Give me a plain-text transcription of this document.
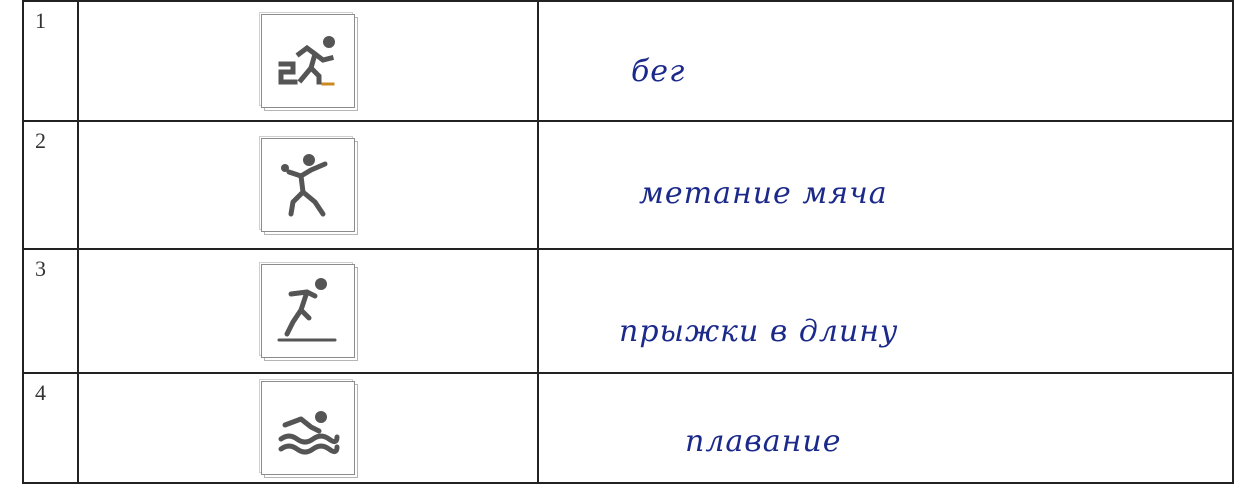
1		бег

2		метание мяча

3		прыжки в длину

4		плавание
